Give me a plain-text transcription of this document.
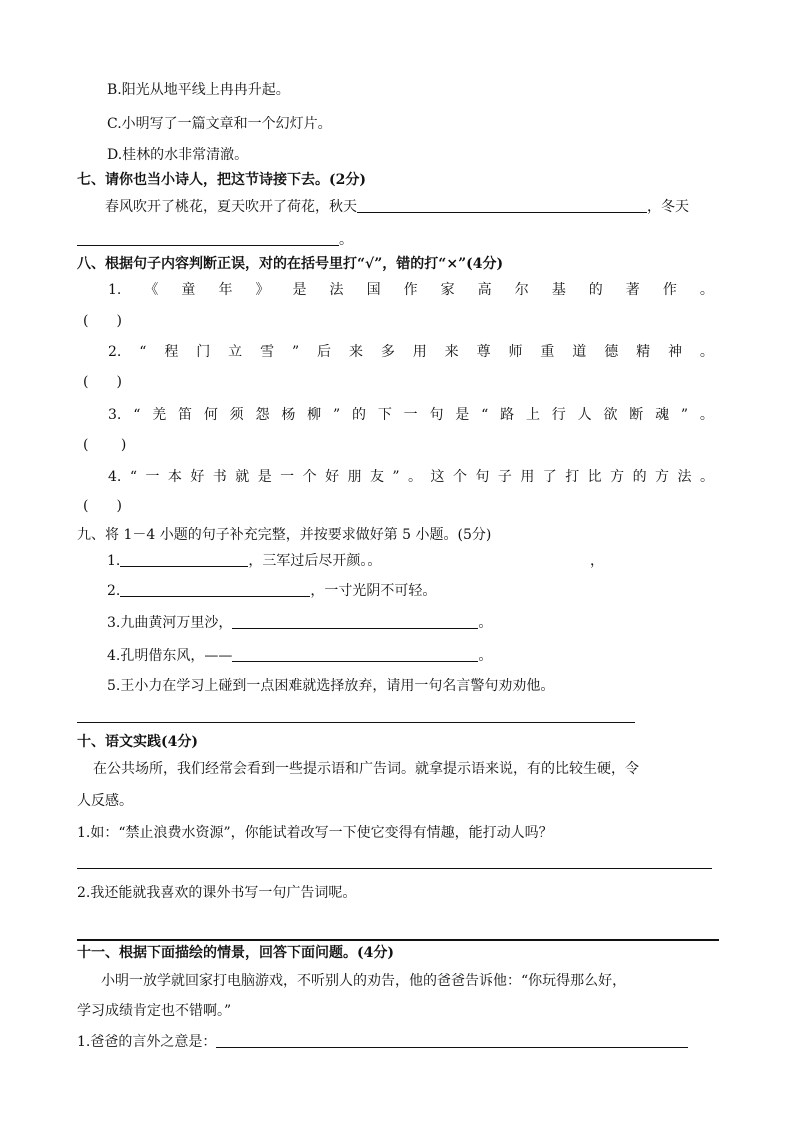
B.阳光从地平线上冉冉升起。
C.小明写了一篇文章和一个幻灯片。
D.桂林的水非常清澈。
七、请你也当小诗人，把这节诗接下去。(2分)
春风吹开了桃花，夏天吹开了荷花，秋天	，冬天
。
八、根据句子内容判断正误，对的在括号里打“√”，错的打“×”(4分)
1. 《 童 年 》 是 法 国 作 家 高 尔 基 的 著 作 。
(　　)
2. “ 程 门 立 雪 ” 后 来 多 用 来 尊 师 重 道 德 精 神 。
(　　)
3. “ 羌 笛 何 须 怨 杨 柳 ” 的 下 一 句 是 “ 路 上 行 人 欲 断 魂 ” 。
(　　 )
4. “ 一 本 好 书 就 是 一 个 好 朋 友 ” 。 这 个 句 子 用 了 打 比 方 的 方 法 。
(　　)
九、将 1－4 小题的句子补充完整，并按要求做好第 5 小题。(5分)
1.	，三军过后尽开颜。。	，
2.	，一寸光阴不可轻。
3.九曲黄河万里沙，	。
4.孔明借东风，——	。
5.王小力在学习上碰到一点困难就选择放弃，请用一句名言警句劝劝他。
十、语文实践(4分)
在公共场所，我们经常会看到一些提示语和广告词。就拿提示语来说，有的比较生硬，令
人反感。
1.如：“禁止浪费水资源”，你能试着改写一下使它变得有情趣，能打动人吗？
2.我还能就我喜欢的课外书写一句广告词呢。
十一、根据下面描绘的情景，回答下面问题。(4分)
小明一放学就回家打电脑游戏，不听别人的劝告，他的爸爸告诉他：“你玩得那么好，
学习成绩肯定也不错啊。”
1.爸爸的言外之意是：
